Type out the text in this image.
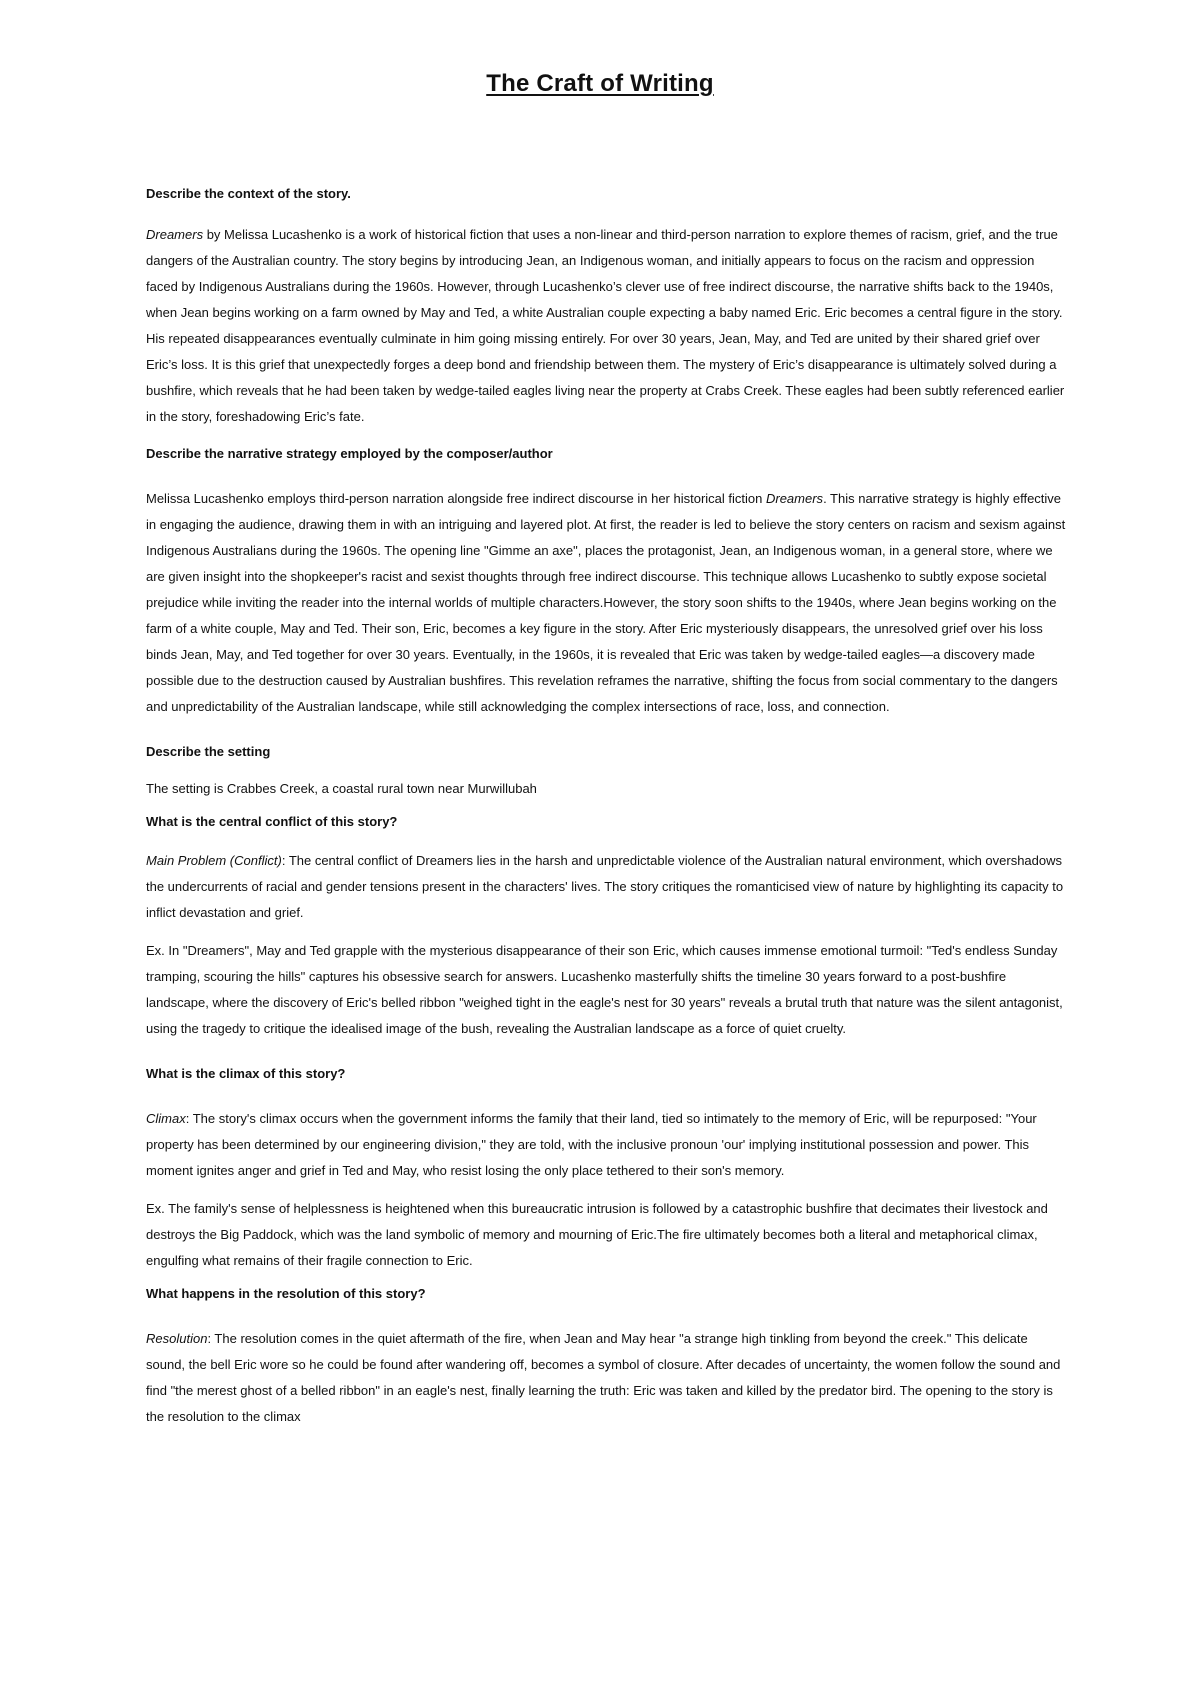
The Craft of Writing

Describe the context of the story.

Dreamers by Melissa Lucashenko is a work of historical fiction that uses a non-linear and third-person narration to explore themes of racism, grief, and the true dangers of the Australian country. The story begins by introducing Jean, an Indigenous woman, and initially appears to focus on the racism and oppression faced by Indigenous Australians during the 1960s. However, through Lucashenko’s clever use of free indirect discourse, the narrative shifts back to the 1940s, when Jean begins working on a farm owned by May and Ted, a white Australian couple expecting a baby named Eric. Eric becomes a central figure in the story. His repeated disappearances eventually culminate in him going missing entirely. For over 30 years, Jean, May, and Ted are united by their shared grief over Eric’s loss. It is this grief that unexpectedly forges a deep bond and friendship between them. The mystery of Eric’s disappearance is ultimately solved during a bushfire, which reveals that he had been taken by wedge-tailed eagles living near the property at Crabs Creek. These eagles had been subtly referenced earlier in the story, foreshadowing Eric’s fate.

Describe the narrative strategy employed by the composer/author

Melissa Lucashenko employs third-person narration alongside free indirect discourse in her historical fiction Dreamers. This narrative strategy is highly effective in engaging the audience, drawing them in with an intriguing and layered plot. At first, the reader is led to believe the story centers on racism and sexism against Indigenous Australians during the 1960s. The opening line "Gimme an axe", places the protagonist, Jean, an Indigenous woman, in a general store, where we are given insight into the shopkeeper's racist and sexist thoughts through free indirect discourse. This technique allows Lucashenko to subtly expose societal prejudice while inviting the reader into the internal worlds of multiple characters.However, the story soon shifts to the 1940s, where Jean begins working on the farm of a white couple, May and Ted. Their son, Eric, becomes a key figure in the story. After Eric mysteriously disappears, the unresolved grief over his loss binds Jean, May, and Ted together for over 30 years. Eventually, in the 1960s, it is revealed that Eric was taken by wedge-tailed eagles—a discovery made possible due to the destruction caused by Australian bushfires. This revelation reframes the narrative, shifting the focus from social commentary to the dangers and unpredictability of the Australian landscape, while still acknowledging the complex intersections of race, loss, and connection.

Describe the setting

The setting is Crabbes Creek, a coastal rural town near Murwillubah

What is the central conflict of this story?

Main Problem (Conflict): The central conflict of Dreamers lies in the harsh and unpredictable violence of the Australian natural environment, which overshadows the undercurrents of racial and gender tensions present in the characters' lives. The story critiques the romanticised view of nature by highlighting its capacity to inflict devastation and grief.

Ex. In "Dreamers", May and Ted grapple with the mysterious disappearance of their son Eric, which causes immense emotional turmoil: "Ted's endless Sunday tramping, scouring the hills" captures his obsessive search for answers. Lucashenko masterfully shifts the timeline 30 years forward to a post-bushfire landscape, where the discovery of Eric's belled ribbon "weighed tight in the eagle's nest for 30 years" reveals a brutal truth that nature was the silent antagonist, using the tragedy to critique the idealised image of the bush, revealing the Australian landscape as a force of quiet cruelty.

What is the climax of this story?

Climax: The story's climax occurs when the government informs the family that their land, tied so intimately to the memory of Eric, will be repurposed: "Your property has been determined by our engineering division," they are told, with the inclusive pronoun 'our' implying institutional possession and power. This moment ignites anger and grief in Ted and May, who resist losing the only place tethered to their son's memory.

Ex. The family's sense of helplessness is heightened when this bureaucratic intrusion is followed by a catastrophic bushfire that decimates their livestock and destroys the Big Paddock, which was the land symbolic of memory and mourning of Eric.The fire ultimately becomes both a literal and metaphorical climax, engulfing what remains of their fragile connection to Eric.

What happens in the resolution of this story?

Resolution: The resolution comes in the quiet aftermath of the fire, when Jean and May hear "a strange high tinkling from beyond the creek." This delicate sound, the bell Eric wore so he could be found after wandering off, becomes a symbol of closure. After decades of uncertainty, the women follow the sound and find "the merest ghost of a belled ribbon" in an eagle's nest, finally learning the truth: Eric was taken and killed by the predator bird. The opening to the story is the resolution to the climax
